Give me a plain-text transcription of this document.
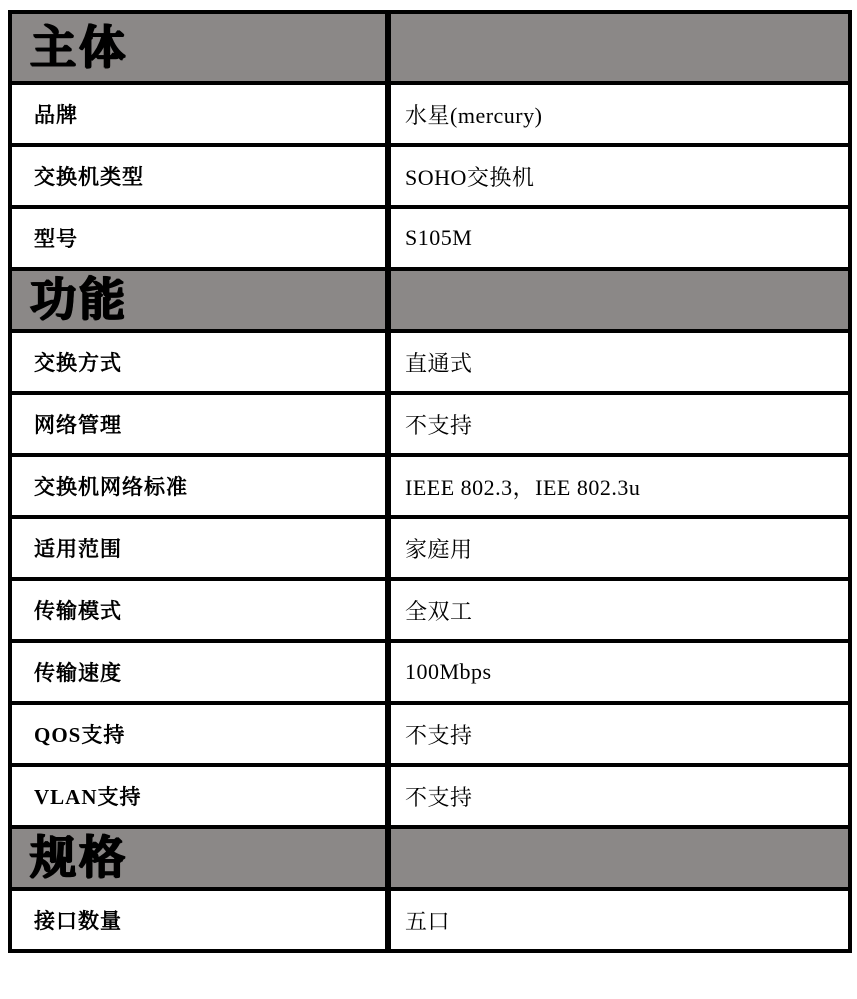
主体	

品牌	水星(mercury)

交换机类型	SOHO交换机

型号	S105M

功能	

交换方式	直通式

网络管理	不支持

交换机网络标准	IEEE 802.3，IEE 802.3u

适用范围	家庭用

传输模式	全双工

传输速度	100Mbps

QOS支持	不支持

VLAN支持	不支持

规格	

接口数量	五口
